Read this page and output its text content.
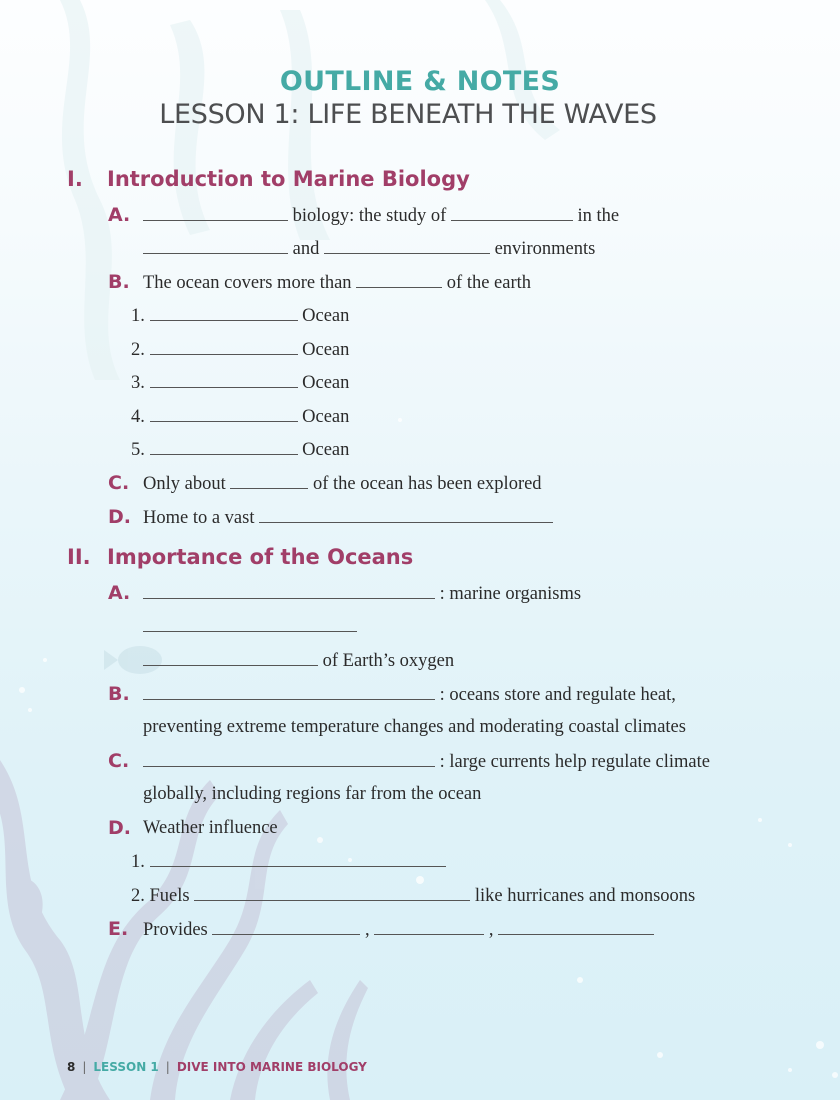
OUTLINE & NOTES
LESSON 1: LIFE BENEATH THE WAVES
I. Introduction to Marine Biology
A.	biology: the study of	in the
and	environments
B. The ocean covers more than	of the earth
1.	Ocean
2.	Ocean
3.	Ocean
4.	Ocean
5.	Ocean
C. Only about	of the ocean has been explored
D. Home to a vast
II. Importance of the Oceans
A.	: marine organisms
of Earth’s oxygen
B.	: oceans store and regulate heat,
preventing extreme temperature changes and moderating coastal climates
C.	: large currents help regulate climate
globally, including regions far from the ocean
D. Weather influence
1.
2. Fuels	like hurricanes and monsoons
E. Provides	,	,
8 | LESSON 1 | DIVE INTO MARINE BIOLOGY
